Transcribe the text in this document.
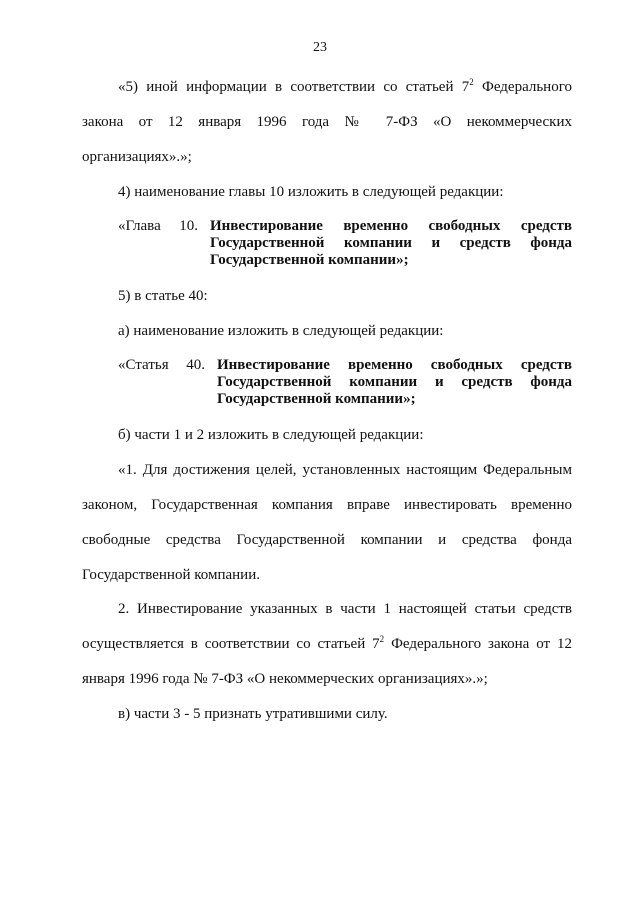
23
«5) иной информации в соответствии со статьей $7^2$ Федерального
закона от 12 января 1996 года № 7-ФЗ «О некоммерческих
организациях».»;
4) наименование главы 10 изложить в следующей редакции:
«Глава 10. Инвестирование временно свободных средств
Государственной компании и средств фонда
Государственной компании»;
5) в статье 40:
а) наименование изложить в следующей редакции:
«Статья 40. Инвестирование временно свободных средств
Государственной компании и средств фонда
Государственной компании»;
б) части 1 и 2 изложить в следующей редакции:
«1. Для достижения целей, установленных настоящим Федеральным
законом, Государственная компания вправе инвестировать временно
свободные средства Государственной компании и средства фонда
Государственной компании.
2. Инвестирование указанных в части 1 настоящей статьи средств
осуществляется в соответствии со статьей $7^2$ Федерального закона от 12
января 1996 года № 7-ФЗ «О некоммерческих организациях».»;
в) части 3 - 5 признать утратившими силу.
